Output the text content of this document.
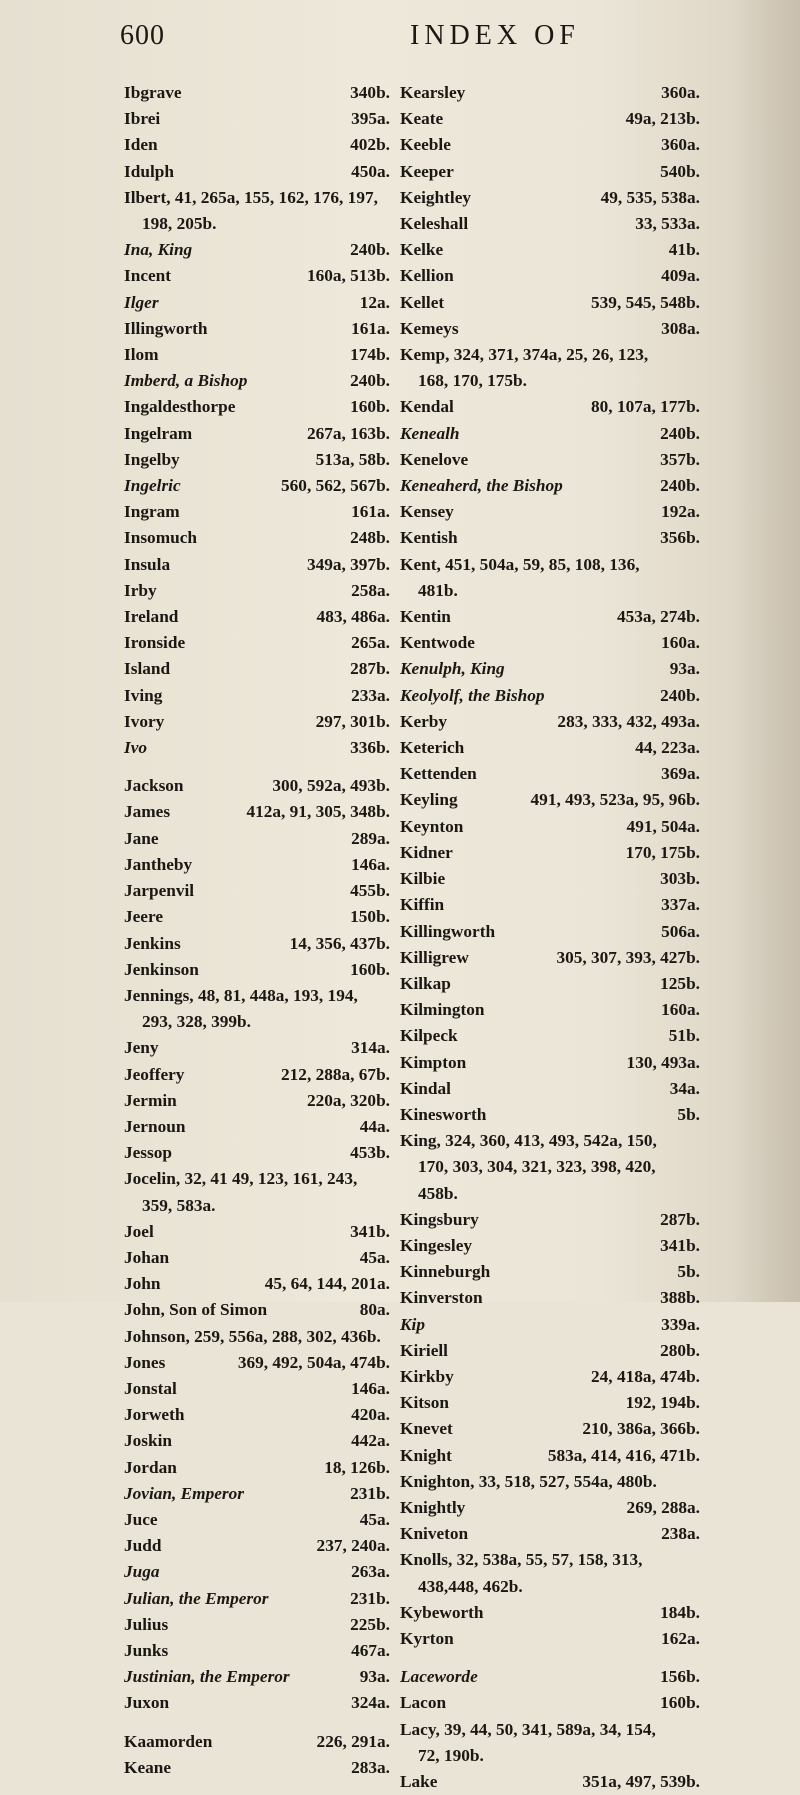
600	INDEX OF
Ibgrave	340b.
Ibrei	395a.
Iden	402b.
Idulph	450a.
Ilbert, 41, 265a, 155, 162, 176, 197,
198, 205b.
Ina, King	240b.
Incent	160a, 513b.
Ilger	12a.
Illingworth	161a.
Ilom	174b.
Imberd, a Bishop	240b.
Ingaldesthorpe	160b.
Ingelram	267a, 163b.
Ingelby	513a, 58b.
Ingelric	560, 562, 567b.
Ingram	161a.
Insomuch	248b.
Insula	349a, 397b.
Irby	258a.
Ireland	483, 486a.
Ironside	265a.
Island	287b.
Iving	233a.
Ivory	297, 301b.
Ivo	336b.
Jackson	300, 592a, 493b.
James	412a, 91, 305, 348b.
Jane	289a.
Jantheby	146a.
Jarpenvil	455b.
Jeere	150b.
Jenkins	14, 356, 437b.
Jenkinson	160b.
Jennings, 48, 81, 448a, 193, 194,
293, 328, 399b.
Jeny	314a.
Jeoffery	212, 288a, 67b.
Jermin	220a, 320b.
Jernoun	44a.
Jessop	453b.
Jocelin, 32, 41 49, 123, 161, 243,
359, 583a.
Joel	341b.
Johan	45a.
John	45, 64, 144, 201a.
John, Son of Simon	80a.
Johnson, 259, 556a, 288, 302, 436b.
Jones	369, 492, 504a, 474b.
Jonstal	146a.
Jorweth	420a.
Joskin	442a.
Jordan	18, 126b.
Jovian, Emperor	231b.
Juce	45a.
Judd	237, 240a.
Juga	263a.
Julian, the Emperor	231b.
Julius	225b.
Junks	467a.
Justinian, the Emperor	93a.
Juxon	324a.
Kaamorden	226, 291a.
Keane	283a.
Kearsley	360a.
Keate	49a, 213b.
Keeble	360a.
Keeper	540b.
Keightley	49, 535, 538a.
Keleshall	33, 533a.
Kelke	41b.
Kellion	409a.
Kellet	539, 545, 548b.
Kemeys	308a.
Kemp, 324, 371, 374a, 25, 26, 123,
168, 170, 175b.
Kendal	80, 107a, 177b.
Kenealh	240b.
Kenelove	357b.
Keneaherd, the Bishop	240b.
Kensey	192a.
Kentish	356b.
Kent, 451, 504a, 59, 85, 108, 136,
481b.
Kentin	453a, 274b.
Kentwode	160a.
Kenulph, King	93a.
Keolyolf, the Bishop	240b.
Kerby	283, 333, 432, 493a.
Keterich	44, 223a.
Kettenden	369a.
Keyling	491, 493, 523a, 95, 96b.
Keynton	491, 504a.
Kidner	170, 175b.
Kilbie	303b.
Kiffin	337a.
Killingworth	506a.
Killigrew	305, 307, 393, 427b.
Kilkap	125b.
Kilmington	160a.
Kilpeck	51b.
Kimpton	130, 493a.
Kindal	34a.
Kinesworth	5b.
King, 324, 360, 413, 493, 542a, 150,
170, 303, 304, 321, 323, 398, 420,
458b.
Kingsbury	287b.
Kingesley	341b.
Kinneburgh	5b.
Kinverston	388b.
Kip	339a.
Kiriell	280b.
Kirkby	24, 418a, 474b.
Kitson	192, 194b.
Knevet	210, 386a, 366b.
Knight	583a, 414, 416, 471b.
Knighton, 33, 518, 527, 554a, 480b.
Knightly	269, 288a.
Kniveton	238a.
Knolls, 32, 538a, 55, 57, 158, 313,
438,448, 462b.
Kybeworth	184b.
Kyrton	162a.
Laceworde	156b.
Lacon	160b.
Lacy, 39, 44, 50, 341, 589a, 34, 154,
72, 190b.
Lake	351a, 497, 539b.
